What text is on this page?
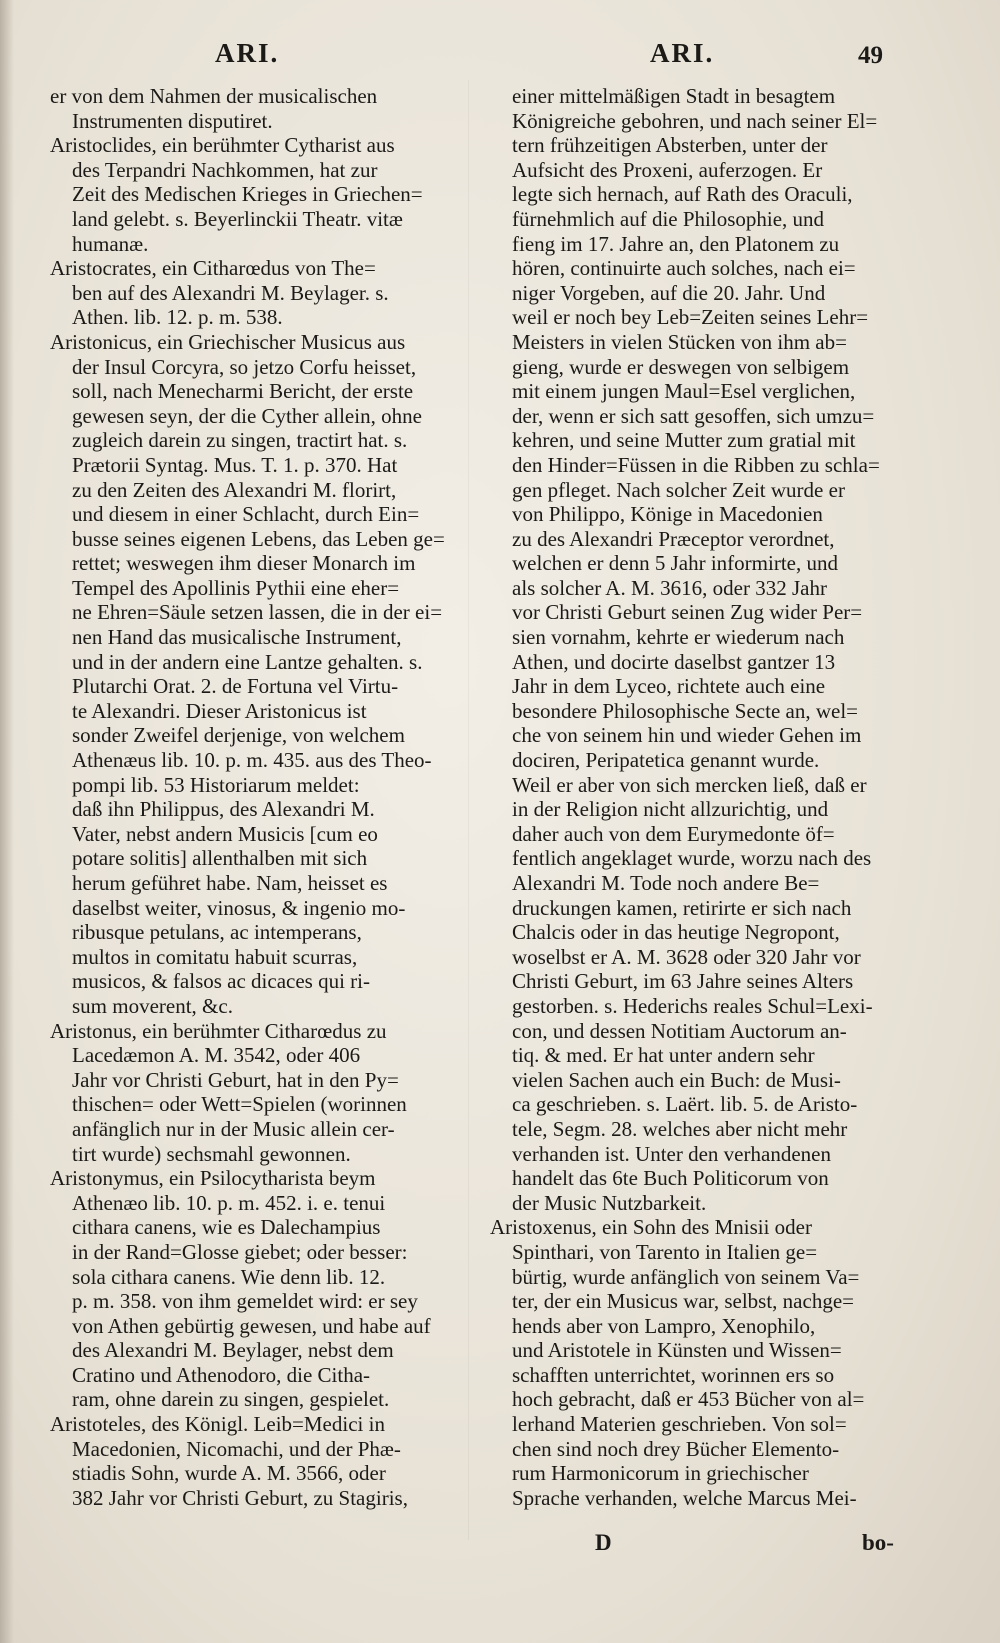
ARI.	ARI.	49
er von dem Nahmen der musicalischen
Instrumenten disputiret.
Aristoclides, ein berühmter Cytharist aus
des Terpandri Nachkommen, hat zur
Zeit des Medischen Krieges in Griechen=
land gelebt. s. Beyerlinckii Theatr. vitæ
humanæ.
Aristocrates, ein Citharœdus von The=
ben auf des Alexandri M. Beylager. s.
Athen. lib. 12. p. m. 538.
Aristonicus, ein Griechischer Musicus aus
der Insul Corcyra, so jetzo Corfu heisset,
soll, nach Menecharmi Bericht, der erste
gewesen seyn, der die Cyther allein, ohne
zugleich darein zu singen, tractirt hat. s.
Prætorii Syntag. Mus. T. 1. p. 370. Hat
zu den Zeiten des Alexandri M. florirt,
und diesem in einer Schlacht, durch Ein=
busse seines eigenen Lebens, das Leben ge=
rettet; weswegen ihm dieser Monarch im
Tempel des Apollinis Pythii eine eher=
ne Ehren=Säule setzen lassen, die in der ei=
nen Hand das musicalische Instrument,
und in der andern eine Lantze gehalten. s.
Plutarchi Orat. 2. de Fortuna vel Virtu-
te Alexandri. Dieser Aristonicus ist
sonder Zweifel derjenige, von welchem
Athenæus lib. 10. p. m. 435. aus des Theo-
pompi lib. 53 Historiarum meldet:
daß ihn Philippus, des Alexandri M.
Vater, nebst andern Musicis [cum eo
potare solitis] allenthalben mit sich
herum geführet habe. Nam, heisset es
daselbst weiter, vinosus, & ingenio mo-
ribusque petulans, ac intemperans,
multos in comitatu habuit scurras,
musicos, & falsos ac dicaces qui ri-
sum moverent, &c.
Aristonus, ein berühmter Citharœdus zu
Lacedæmon A. M. 3542, oder 406
Jahr vor Christi Geburt, hat in den Py=
thischen= oder Wett=Spielen (worinnen
anfänglich nur in der Music allein cer-
tirt wurde) sechsmahl gewonnen.
Aristonymus, ein Psilocytharista beym
Athenæo lib. 10. p. m. 452. i. e. tenui
cithara canens, wie es Dalechampius
in der Rand=Glosse giebet; oder besser:
sola cithara canens. Wie denn lib. 12.
p. m. 358. von ihm gemeldet wird: er sey
von Athen gebürtig gewesen, und habe auf
des Alexandri M. Beylager, nebst dem
Cratino und Athenodoro, die Citha-
ram, ohne darein zu singen, gespielet.
Aristoteles, des Königl. Leib=Medici in
Macedonien, Nicomachi, und der Phæ-
stiadis Sohn, wurde A. M. 3566, oder
382 Jahr vor Christi Geburt, zu Stagiris,
einer mittelmäßigen Stadt in besagtem
Königreiche gebohren, und nach seiner El=
tern frühzeitigen Absterben, unter der
Aufsicht des Proxeni, auferzogen. Er
legte sich hernach, auf Rath des Oraculi,
fürnehmlich auf die Philosophie, und
fieng im 17. Jahre an, den Platonem zu
hören, continuirte auch solches, nach ei=
niger Vorgeben, auf die 20. Jahr. Und
weil er noch bey Leb=Zeiten seines Lehr=
Meisters in vielen Stücken von ihm ab=
gieng, wurde er deswegen von selbigem
mit einem jungen Maul=Esel verglichen,
der, wenn er sich satt gesoffen, sich umzu=
kehren, und seine Mutter zum gratial mit
den Hinder=Füssen in die Ribben zu schla=
gen pfleget. Nach solcher Zeit wurde er
von Philippo, Könige in Macedonien
zu des Alexandri Præceptor verordnet,
welchen er denn 5 Jahr informirte, und
als solcher A. M. 3616, oder 332 Jahr
vor Christi Geburt seinen Zug wider Per=
sien vornahm, kehrte er wiederum nach
Athen, und docirte daselbst gantzer 13
Jahr in dem Lyceo, richtete auch eine
besondere Philosophische Secte an, wel=
che von seinem hin und wieder Gehen im
dociren, Peripatetica genannt wurde.
Weil er aber von sich mercken ließ, daß er
in der Religion nicht allzurichtig, und
daher auch von dem Eurymedonte öf=
fentlich angeklaget wurde, worzu nach des
Alexandri M. Tode noch andere Be=
druckungen kamen, retirirte er sich nach
Chalcis oder in das heutige Negropont,
woselbst er A. M. 3628 oder 320 Jahr vor
Christi Geburt, im 63 Jahre seines Alters
gestorben. s. Hederichs reales Schul=Lexi-
con, und dessen Notitiam Auctorum an-
tiq. & med. Er hat unter andern sehr
vielen Sachen auch ein Buch: de Musi-
ca geschrieben. s. Laërt. lib. 5. de Aristo-
tele, Segm. 28. welches aber nicht mehr
verhanden ist. Unter den verhandenen
handelt das 6te Buch Politicorum von
der Music Nutzbarkeit.
Aristoxenus, ein Sohn des Mnisii oder
Spinthari, von Tarento in Italien ge=
bürtig, wurde anfänglich von seinem Va=
ter, der ein Musicus war, selbst, nachge=
hends aber von Lampro, Xenophilo,
und Aristotele in Künsten und Wissen=
schafften unterrichtet, worinnen ers so
hoch gebracht, daß er 453 Bücher von al=
lerhand Materien geschrieben. Von sol=
chen sind noch drey Bücher Elemento-
rum Harmonicorum in griechischer
Sprache verhanden, welche Marcus Mei-
D	bo-
